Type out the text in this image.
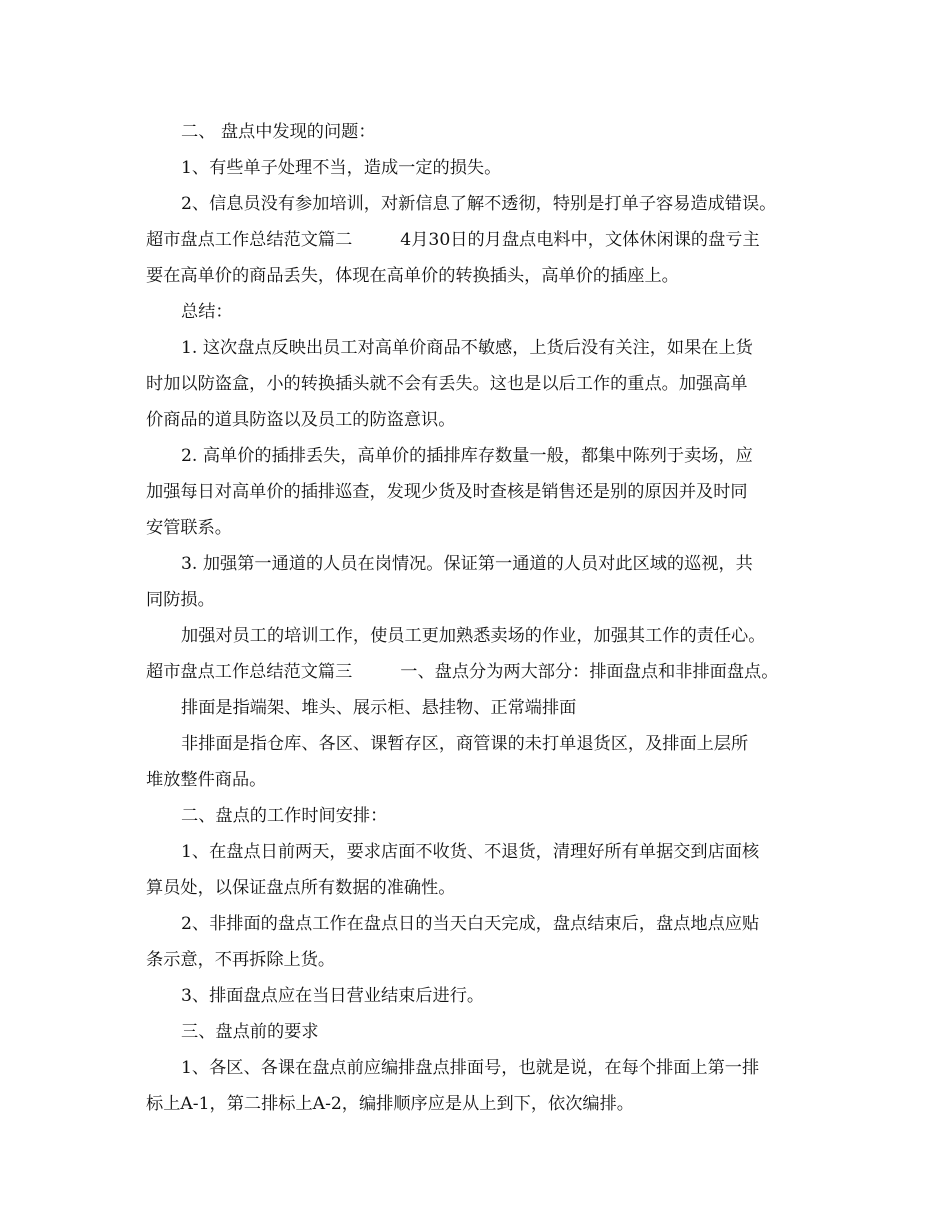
二、 盘点中发现的问题：

1、有些单子处理不当，造成一定的损失。

2、信息员没有参加培训，对新信息了解不透彻，特别是打单子容易造成错误。

超市盘点工作总结范文篇二	4月30日的月盘点电料中，文体休闲课的盘亏主

要在高单价的商品丢失，体现在高单价的转换插头，高单价的插座上。

总结：

1. 这次盘点反映出员工对高单价商品不敏感，上货后没有关注，如果在上货

时加以防盗盒，小的转换插头就不会有丢失。这也是以后工作的重点。加强高单

价商品的道具防盗以及员工的防盗意识。

2. 高单价的插排丢失，高单价的插排库存数量一般，都集中陈列于卖场，应

加强每日对高单价的插排巡查，发现少货及时查核是销售还是别的原因并及时同

安管联系。

3. 加强第一通道的人员在岗情况。保证第一通道的人员对此区域的巡视，共

同防损。

加强对员工的培训工作，使员工更加熟悉卖场的作业，加强其工作的责任心。

超市盘点工作总结范文篇三	一、盘点分为两大部分：排面盘点和非排面盘点。

排面是指端架、堆头、展示柜、悬挂物、正常端排面

非排面是指仓库、各区、课暂存区，商管课的未打单退货区，及排面上层所

堆放整件商品。

二、盘点的工作时间安排：

1、在盘点日前两天，要求店面不收货、不退货，清理好所有单据交到店面核

算员处，以保证盘点所有数据的准确性。

2、非排面的盘点工作在盘点日的当天白天完成，盘点结束后，盘点地点应贴

条示意，不再拆除上货。

3、排面盘点应在当日营业结束后进行。

三、盘点前的要求

1、各区、各课在盘点前应编排盘点排面号，也就是说，在每个排面上第一排

标上A-1，第二排标上A-2，编排顺序应是从上到下，依次编排。
